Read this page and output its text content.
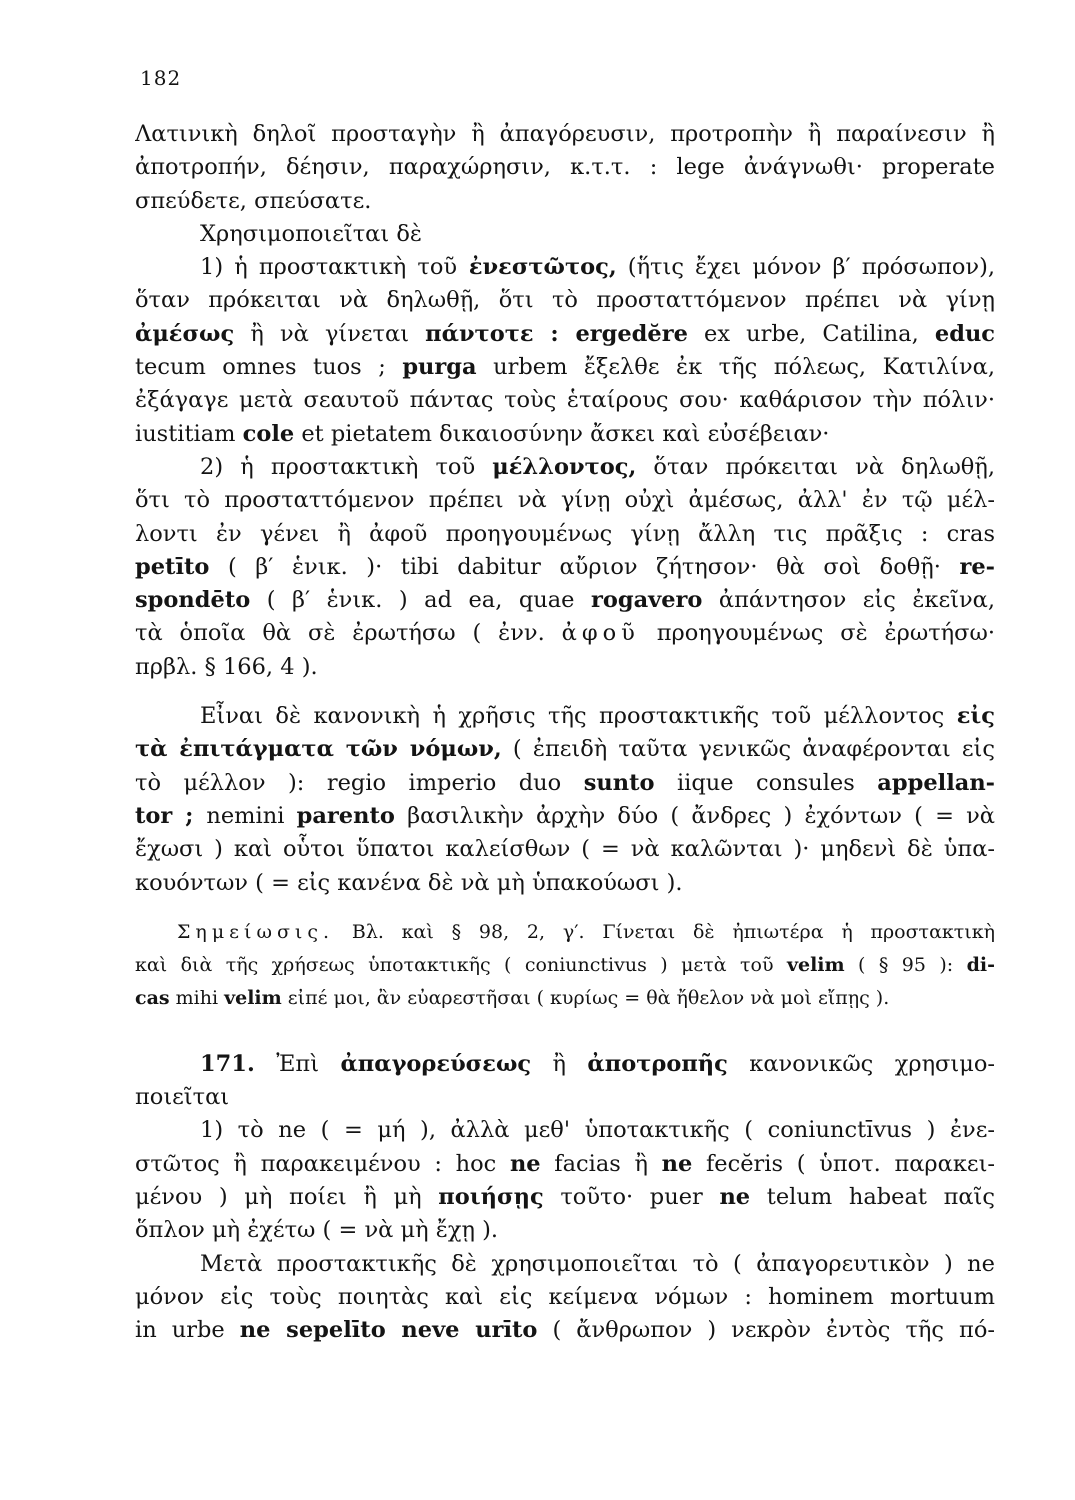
182
Λατινικὴ δηλοῖ προσταγὴν ἢ ἀπαγόρευσιν, προτροπὴν ἢ παραίνεσιν ἢ
ἀποτροπήν, δέησιν, παραχώρησιν, κ.τ.τ. : lege ἀνάγνωθι· properate
σπεύδετε, σπεύσατε.
Χρησιμοποιεῖται δὲ
1) ἡ προστακτικὴ τοῦ ἐνεστῶτος, (ἥτις ἔχει μόνον β′ πρόσωπον),
ὅταν πρόκειται νὰ δηλωθῇ, ὅτι τὸ προσταττόμενον πρέπει νὰ γίνῃ
ἀμέσως ἢ νὰ γίνεται πάντοτε : ergedĕre ex urbe, Catilina, educ
tecum omnes tuos ; purga urbem ἔξελθε ἐκ τῆς πόλεως, Κατιλίνα,
ἐξάγαγε μετὰ σεαυτοῦ πάντας τοὺς ἑταίρους σου· καθάρισον τὴν πόλιν·
iustitiam cole et pietatem δικαιοσύνην ἄσκει καὶ εὐσέβειαν·
2) ἡ προστακτικὴ τοῦ μέλλοντος, ὅταν πρόκειται νὰ δηλωθῇ,
ὅτι τὸ προσταττόμενον πρέπει νὰ γίνῃ οὐχὶ ἀμέσως, ἀλλ' ἐν τῷ μέλ-
λοντι ἐν γένει ἢ ἀφοῦ προηγουμένως γίνῃ ἄλλη τις πρᾶξις : cras
petīto ( β′ ἑνικ. )· tibi dabitur αὔριον ζήτησον· θὰ σοὶ δοθῇ· re-
spondēto ( β′ ἑνικ. ) ad ea, quae rogavero ἀπάντησον εἰς ἐκεῖνα,
τὰ ὁποῖα θὰ σὲ ἐρωτήσω ( ἐνν. ἀφοῦ προηγουμένως σὲ ἐρωτήσω·
πρβλ. § 166, 4 ).
Εἶναι δὲ κανονικὴ ἡ χρῆσις τῆς προστακτικῆς τοῦ μέλλοντος εἰς
τὰ ἐπιτάγματα τῶν νόμων, ( ἐπειδὴ ταῦτα γενικῶς ἀναφέρονται εἰς
τὸ μέλλον ): regio imperio duo sunto iique consules appellan-
tor ; nemini parento βασιλικὴν ἀρχὴν δύο ( ἄνδρες ) ἐχόντων ( = νὰ
ἔχωσι ) καὶ οὗτοι ὕπατοι καλείσθων ( = νὰ καλῶνται )· μηδενὶ δὲ ὑπα-
κουόντων ( = εἰς κανένα δὲ νὰ μὴ ὑπακούωσι ).
Σημείωσις. Βλ. καὶ § 98, 2, γ′. Γίνεται δὲ ἠπιωτέρα ἡ προστακτικὴ
καὶ διὰ τῆς χρήσεως ὑποτακτικῆς ( coniunctivus ) μετὰ τοῦ velim ( § 95 ): di-
cas mihi velim εἰπέ μοι, ἂν εὐαρεστῆσαι ( κυρίως = θὰ ἤθελον νὰ μοὶ εἴπῃς ).
171. Ἐπὶ ἀπαγορεύσεως ἢ ἀποτροπῆς κανονικῶς χρησιμο-
ποιεῖται
1) τὸ ne ( = μή ), ἀλλὰ μεθ' ὑποτακτικῆς ( coniunctīvus ) ἐνε-
στῶτος ἢ παρακειμένου : hoc ne facias ἢ ne fecĕris ( ὑποτ. παρακει-
μένου ) μὴ ποίει ἢ μὴ ποιήσῃς τοῦτο· puer ne telum habeat παῖς
ὅπλον μὴ ἐχέτω ( = νὰ μὴ ἔχῃ ).
Μετὰ προστακτικῆς δὲ χρησιμοποιεῖται τὸ ( ἀπαγορευτικὸν ) ne
μόνον εἰς τοὺς ποιητὰς καὶ εἰς κείμενα νόμων : hominem mortuum
in urbe ne sepelīto neve urīto ( ἄνθρωπον ) νεκρὸν ἐντὸς τῆς πό-
